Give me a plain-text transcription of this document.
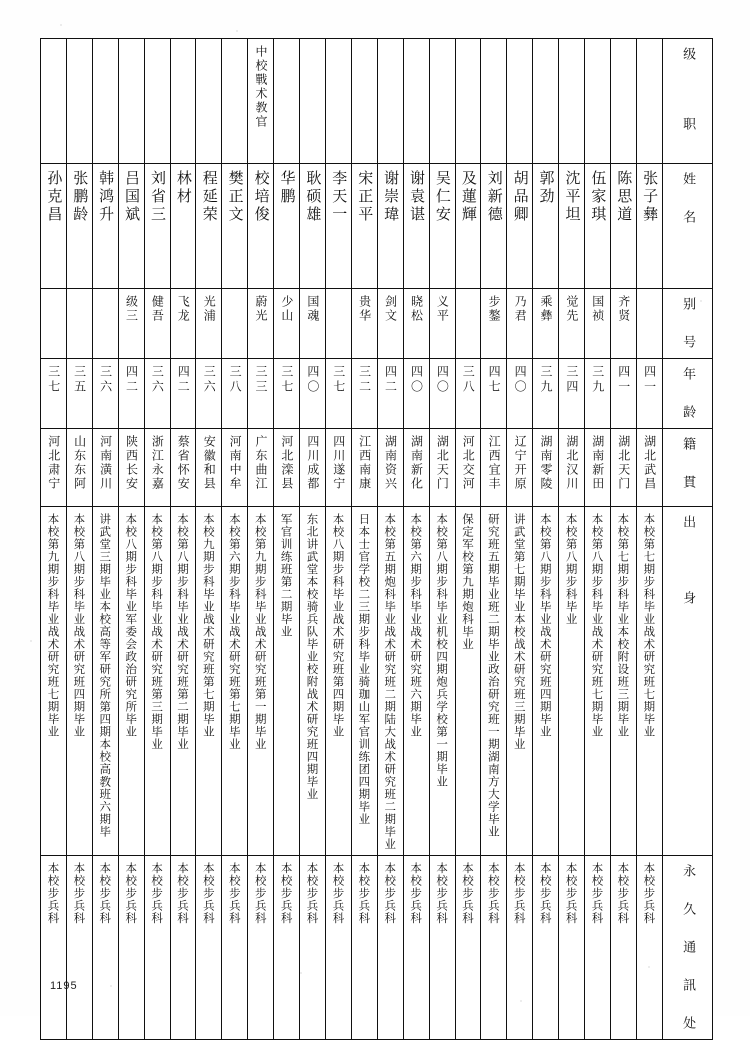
级　职																中校戰术教官								

姓　名	张子彝	陈思道	伍家琪	沈平坦	郭劲	胡品卿	刘新德	及蓮輝	吴仁安	谢袁谌	谢崇瑋	宋正平	李天一	耿硕雄	华鹏	校培俊	樊正文	程延荣	林材	刘省三	吕国斌	韩鸿升	张鹏龄	孙克昌

别　号		齐贤	国祯	觉先	乘彝	乃君	步鏊		义平	晓松	剑文	贵华		国魂	少山	蔚光		光浦	飞龙	健吾	级三			

年　龄	四一	四一	三九	三四	三九	四〇	四七	三八	四〇	四〇	四二	三二	三七	四〇	三七	三三	三八	三六	四二	三六	四二	三六	三五	三七

籍　貫	湖北武昌	湖北天门	湖南新田	湖北汉川	湖南零陵	辽宁开原	江西宜丰	河北交河	湖北天门	湖南新化	湖南资兴	江西南康	四川遂宁	四川成都	河北滦县	广东曲江	河南中牟	安徽和县	蔡省怀安	浙江永嘉	陕西长安	河南潢川	山东东阿	河北肃宁

出　　　身	本校第七期步科毕业战术研究班七期毕业	本校第七期步科毕业本校附设班三期毕业	本校第八期步科毕业战术研究班七期毕业	本校第八期步科毕业	本校第八期步科毕业战术研究班四期毕业	讲武堂第七期毕业本校战术研究班三期毕业	研究班五期毕业班二期毕业政治研究班一期湖南方大学毕业	保定军校第九期炮科毕业	本校第八期步科毕业机校四期炮兵学校第一期毕业	本校第六期步科毕业战术研究班六期毕业	本校第五期炮科毕业战术研究班二期陆大战术研究班二期毕业	日本士官学校二三期步科毕业骑珈山军官训练团四期毕业	本校八期步科毕业战术研究班第四期毕业	东北讲武堂本校骑兵队毕业校附战术研究班四期毕业	军官训练班第二期毕业	本校第九期步科毕业战术研究班第一期毕业	本校第六期步科毕业战术研究班第七期毕业	本校九期步科毕业战术研究班第七期毕业	本校第八期步科毕业战术研究班第二期毕业	本校第八期步科毕业战术研究班第三期毕业	本校八期步科毕业军委会政治研究所毕业	讲武堂三期毕业本校高等军研究所第四期本校高教班六期毕	本校第八期步科毕业战术研究班四期毕业	本校第九期步科毕业战术研究班七期毕业

永　久　通　訊　处	本校步兵科	本校步兵科	本校步兵科	本校步兵科	本校步兵科	本校步兵科	本校步兵科	本校步兵科	本校步兵科	本校步兵科	本校步兵科	本校步兵科	本校步兵科	本校步兵科	本校步兵科	本校步兵科	本校步兵科	本校步兵科	本校步兵科	本校步兵科	本校步兵科	本校步兵科	本校步兵科	本校步兵科
1195
